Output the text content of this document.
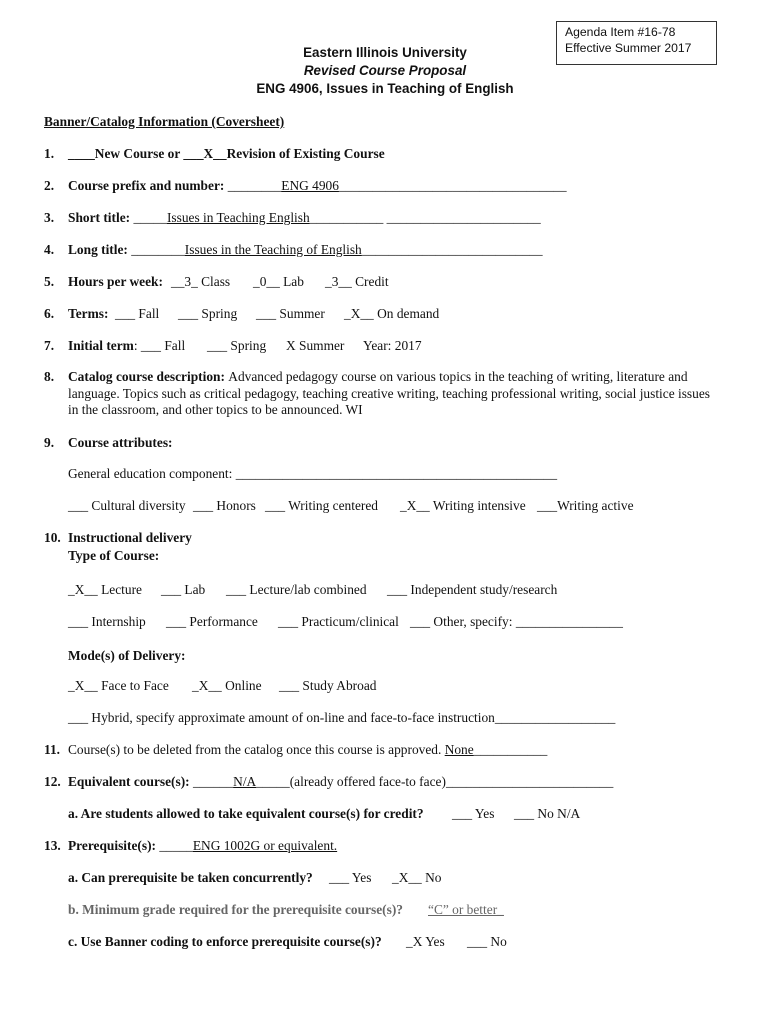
Agenda Item #16-78
Effective Summer 2017
Eastern Illinois University
Revised Course Proposal
ENG 4906, Issues in Teaching of English
Banner/Catalog Information (Coversheet)
1. ____New Course or ___X__Revision of Existing Course
2. Course prefix and number: ________ENG 4906__________________________________
3. Short title: _____Issues in Teaching English___________ _______________________
4. Long title: ________Issues in the Teaching of English___________________________
5. Hours per week: __3_ Class _0__ Lab _3__ Credit
6. Terms: ___ Fall ___ Spring ___ Summer _X__ On demand
7. Initial term: ___ Fall ___ Spring X Summer Year: 2017
8. Catalog course description: Advanced pedagogy course on various topics in the teaching of writing, literature and language. Topics such as critical pedagogy, teaching creative writing, teaching professional writing, social justice issues in the classroom, and other topics to be announced. WI
9. Course attributes:
General education component: ________________________________________________
___ Cultural diversity ___ Honors ___ Writing centered _X__ Writing intensive ___Writing active
10. Instructional delivery
Type of Course:
_X__ Lecture ___ Lab ___ Lecture/lab combined ___ Independent study/research
___ Internship ___ Performance ___ Practicum/clinical ___ Other, specify: ________________
Mode(s) of Delivery:
_X__ Face to Face _X__ Online ___ Study Abroad
___ Hybrid, specify approximate amount of on-line and face-to-face instruction__________________
11. Course(s) to be deleted from the catalog once this course is approved. None___________
12. Equivalent course(s): ______N/A_____(already offered face-to face)_________________________
a. Are students allowed to take equivalent course(s) for credit? ___ Yes ___ No N/A
13. Prerequisite(s): _____ENG 1002G or equivalent.
a. Can prerequisite be taken concurrently? ___ Yes _X__ No
b. Minimum grade required for the prerequisite course(s)? “C” or better_
c. Use Banner coding to enforce prerequisite course(s)? _X Yes ___ No
